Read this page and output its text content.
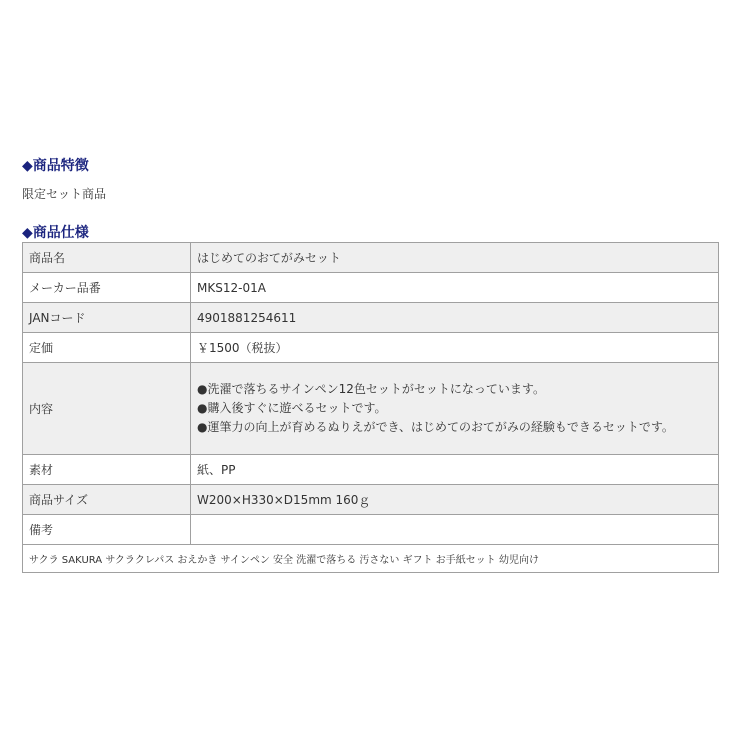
◆商品特徴
限定セット商品
◆商品仕様
商品名	はじめてのおてがみセット
メーカー品番	MKS12-01A
JANコード	4901881254611
定価	￥1500（税抜）
内容	●洗濯で落ちるサインペン12色セットがセットになっています。
●購入後すぐに遊べるセットです。
●運筆力の向上が育めるぬりえができ、はじめてのおてがみの経験もできるセットです。
素材	紙、PP
商品サイズ	W200×H330×D15mm 160ｇ
備考	
サクラ SAKURA サクラクレパス おえかき サインペン 安全 洗濯で落ちる 汚さない ギフト お手紙セット 幼児向け	
